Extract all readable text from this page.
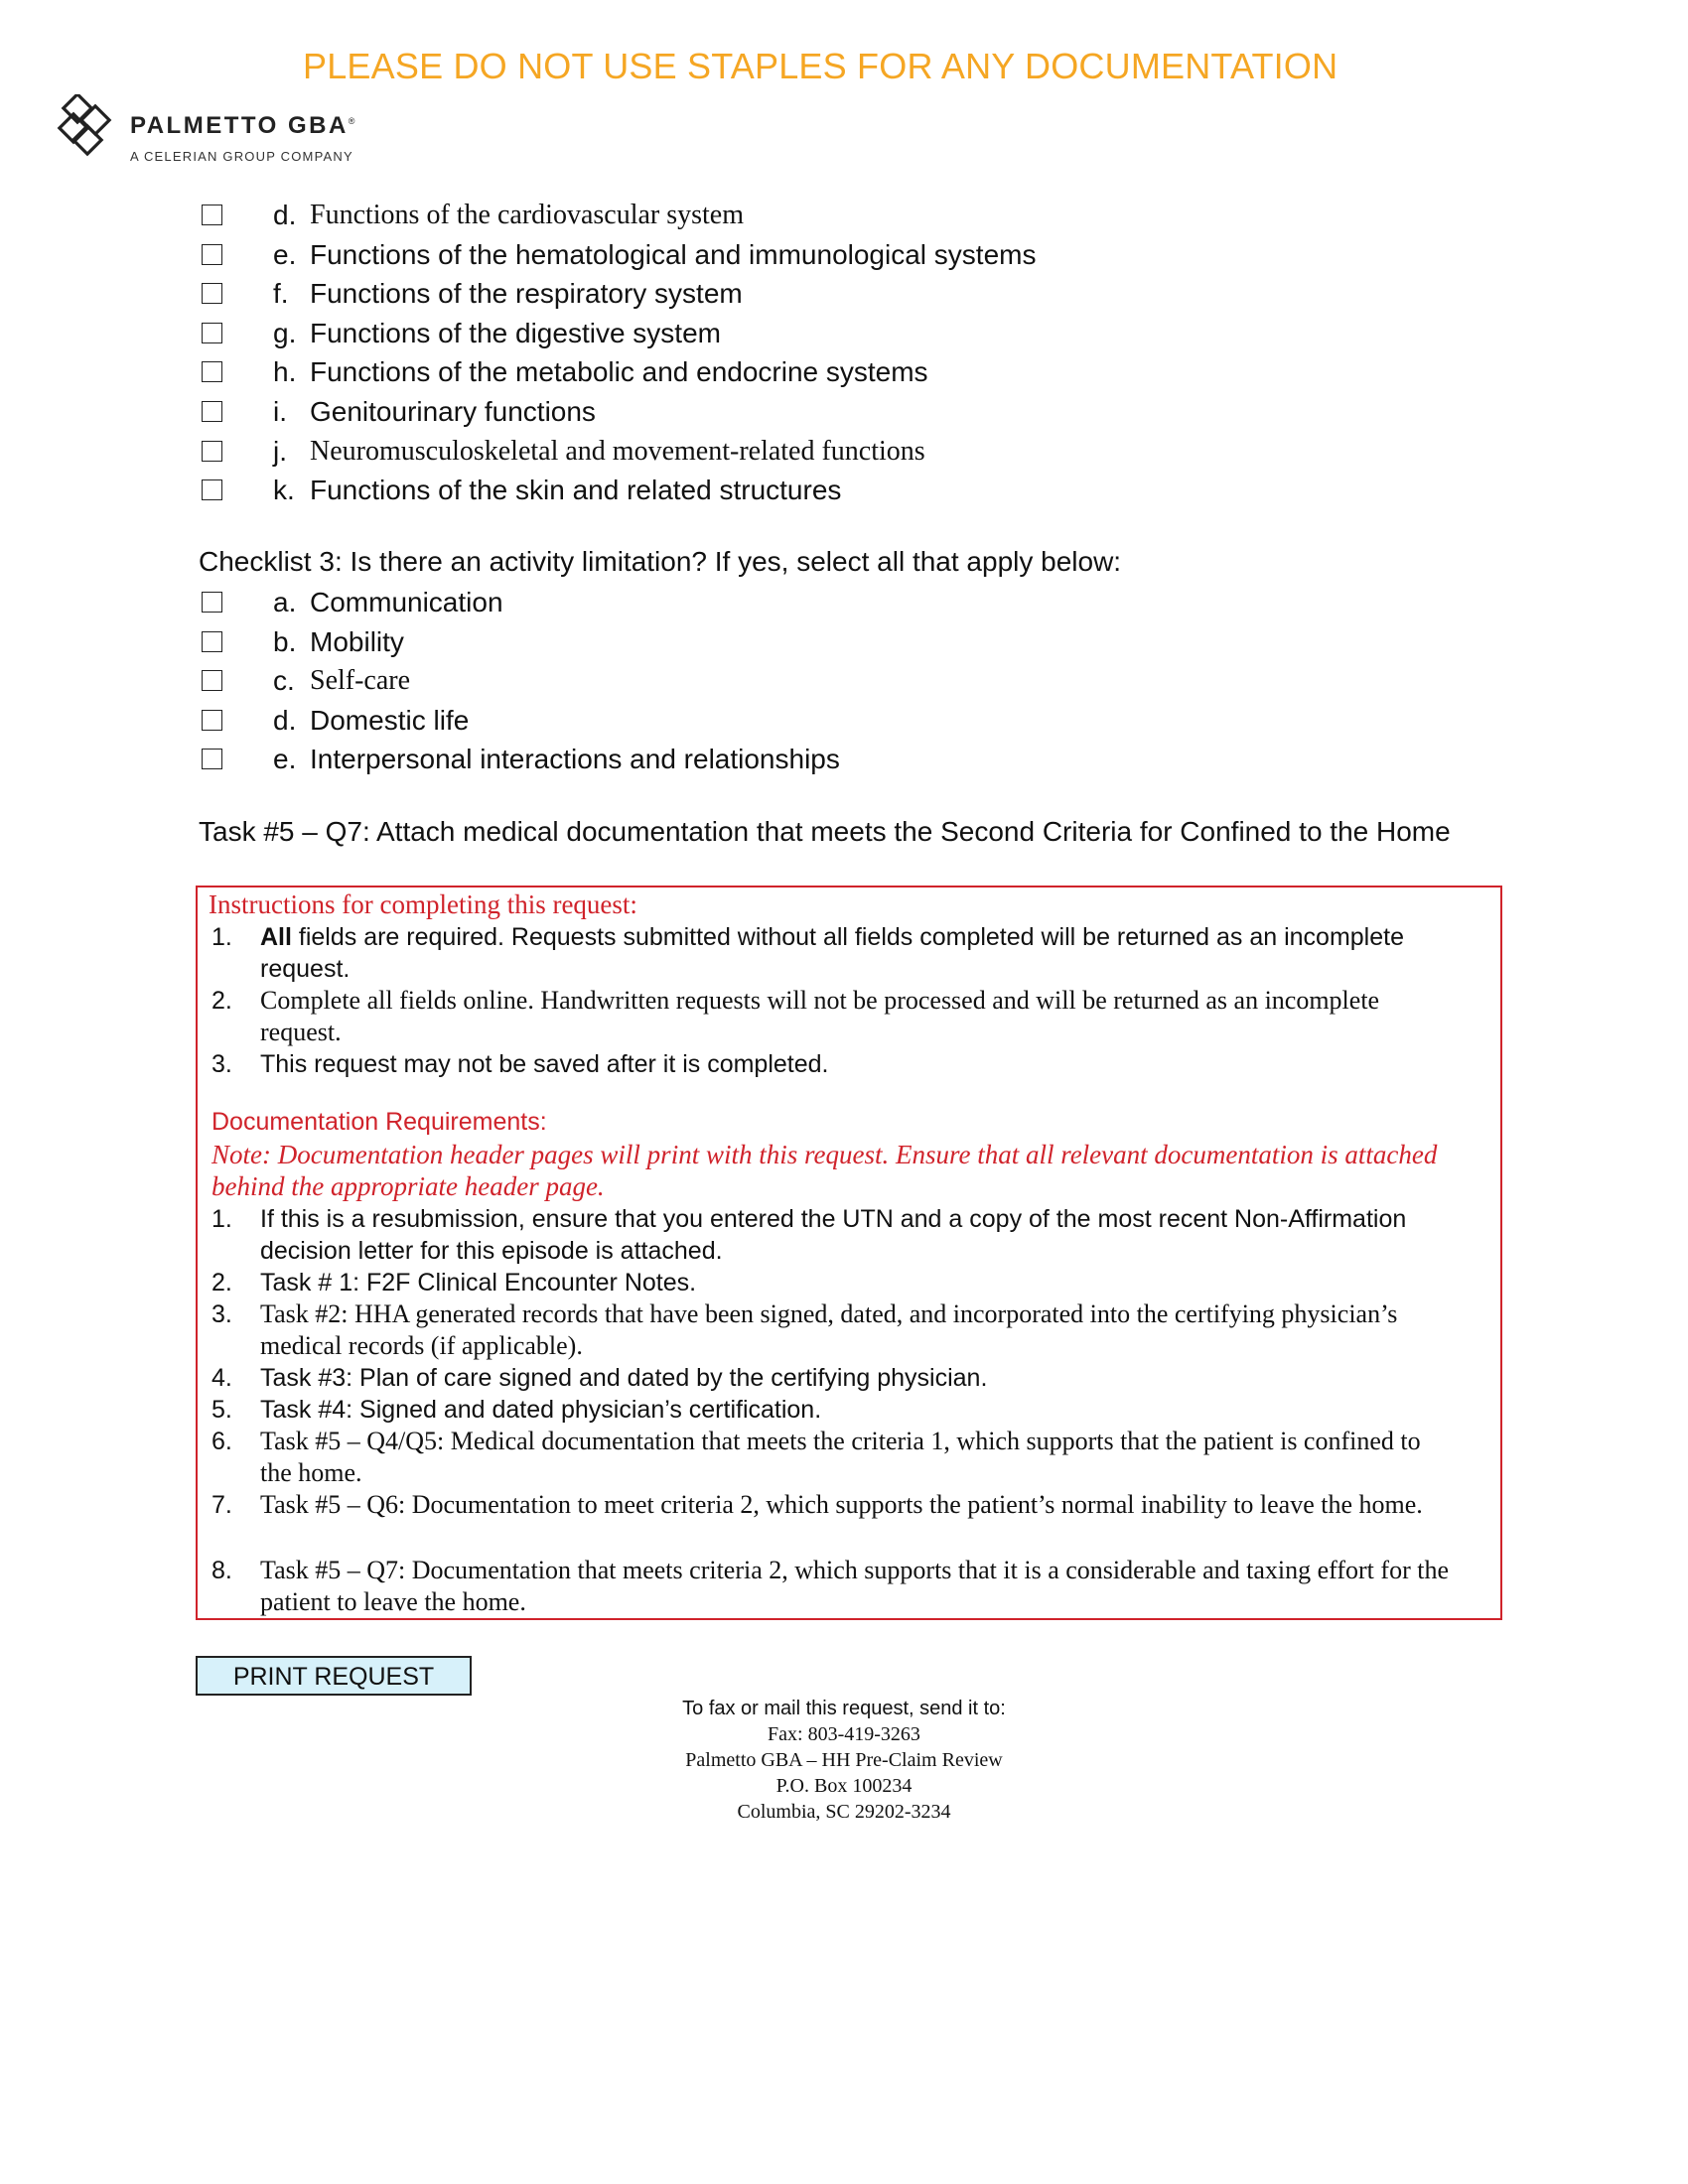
PLEASE DO NOT USE STAPLES FOR ANY DOCUMENTATION
PALMETTO GBA®
A CELERIAN GROUP COMPANY
d. Functions of the cardiovascular system
e. Functions of the hematological and immunological systems
f. Functions of the respiratory system
g. Functions of the digestive system
h. Functions of the metabolic and endocrine systems
i. Genitourinary functions
j. Neuromusculoskeletal and movement-related functions
k. Functions of the skin and related structures
Checklist 3: Is there an activity limitation? If yes, select all that apply below:
a. Communication
b. Mobility
c. Self-care
d. Domestic life
e. Interpersonal interactions and relationships
Task #5 – Q7: Attach medical documentation that meets the Second Criteria for Confined to the Home
Instructions for completing this request:
1. All fields are required. Requests submitted without all fields completed will be returned as an incomplete request.
2. Complete all fields online. Handwritten requests will not be processed and will be returned as an incomplete request.
3. This request may not be saved after it is completed.
Documentation Requirements:
Note: Documentation header pages will print with this request. Ensure that all relevant documentation is attached behind the appropriate header page.
1. If this is a resubmission, ensure that you entered the UTN and a copy of the most recent Non-Affirmation decision letter for this episode is attached.
2. Task # 1: F2F Clinical Encounter Notes.
3. Task #2: HHA generated records that have been signed, dated, and incorporated into the certifying physician’s medical records (if applicable).
4. Task #3: Plan of care signed and dated by the certifying physician.
5. Task #4: Signed and dated physician’s certification.
6. Task #5 – Q4/Q5: Medical documentation that meets the criteria 1, which supports that the patient is confined to the home.
7. Task #5 – Q6: Documentation to meet criteria 2, which supports the patient’s normal inability to leave the home.
8. Task #5 – Q7: Documentation that meets criteria 2, which supports that it is a considerable and taxing effort for the patient to leave the home.
PRINT REQUEST
To fax or mail this request, send it to:
Fax: 803-419-3263
Palmetto GBA – HH Pre-Claim Review
P.O. Box 100234
Columbia, SC 29202-3234
